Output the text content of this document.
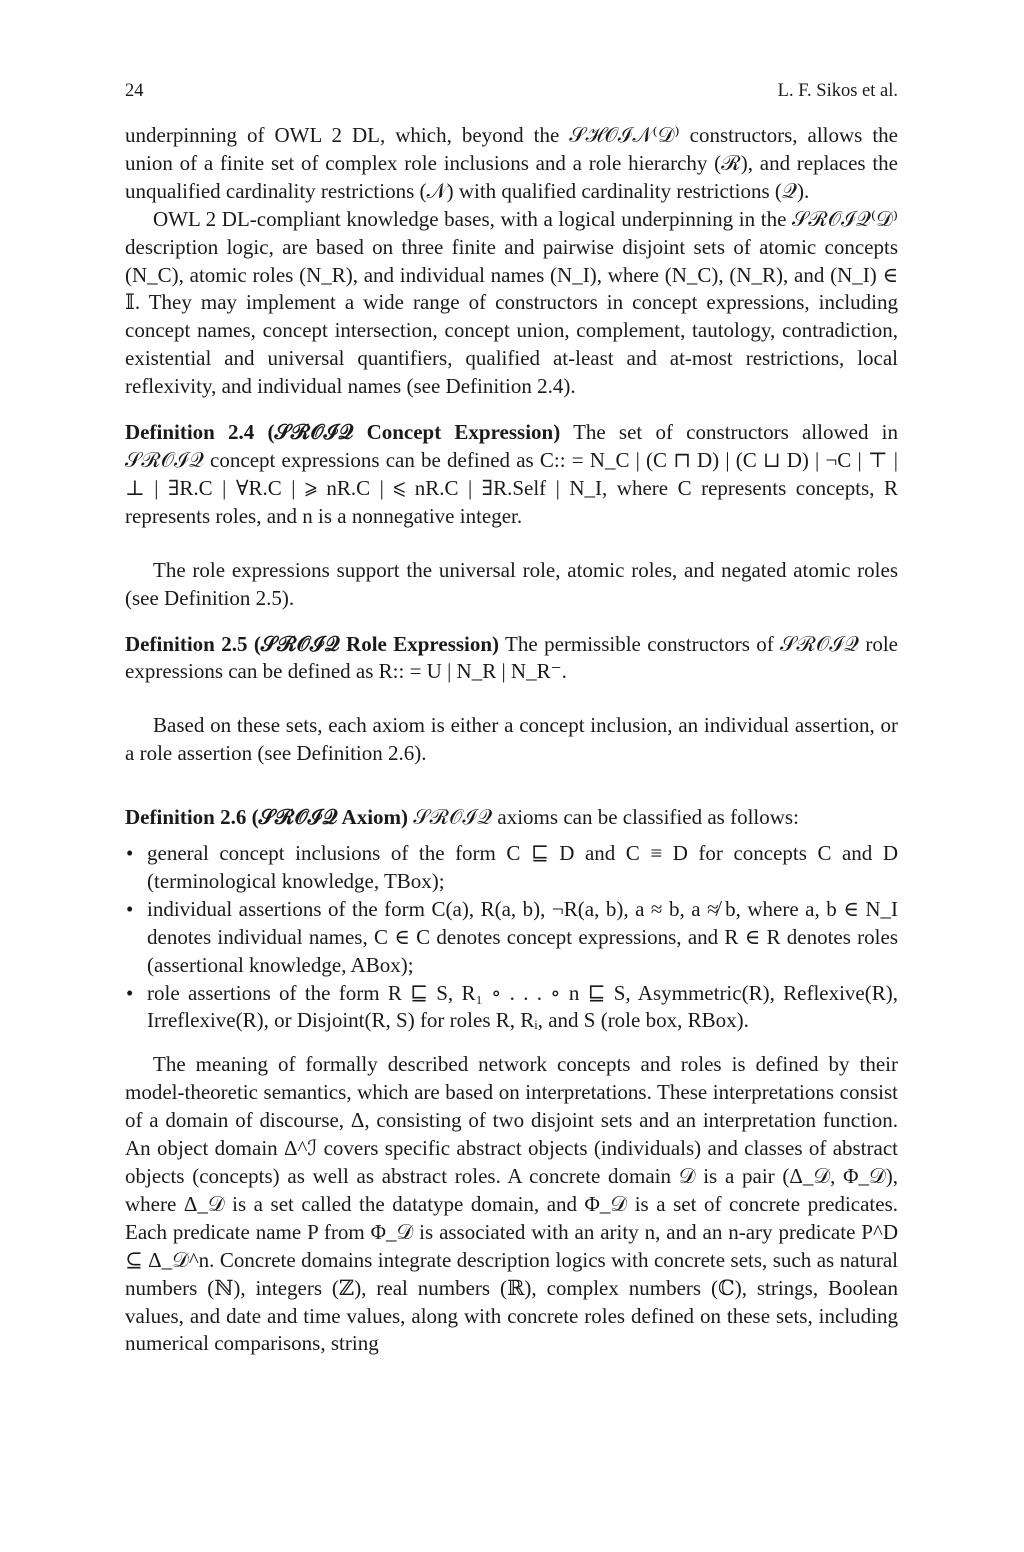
24	L. F. Sikos et al.

underpinning of OWL 2 DL, which, beyond the 𝒮ℋ𝒪ℐ𝒩⁽𝒟⁾ constructors, allows the union of a finite set of complex role inclusions and a role hierarchy (ℛ), and replaces the unqualified cardinality restrictions (𝒩) with qualified cardinality restrictions (𝒬).

OWL 2 DL-compliant knowledge bases, with a logical underpinning in the 𝒮ℛ𝒪ℐ𝒬⁽𝒟⁾ description logic, are based on three finite and pairwise disjoint sets of atomic concepts (N_C), atomic roles (N_R), and individual names (N_I), where (N_C), (N_R), and (N_I) ∈ 𝕀. They may implement a wide range of constructors in concept expressions, including concept names, concept intersection, concept union, complement, tautology, contradiction, existential and universal quantifiers, qualified at-least and at-most restrictions, local reflexivity, and individual names (see Definition 2.4).

Definition 2.4 (𝒮ℛ𝒪ℐ𝒬 Concept Expression) The set of constructors allowed in 𝒮ℛ𝒪ℐ𝒬 concept expressions can be defined as C:: = N_C | (C ⊓ D) | (C ⊔ D) | ¬C | ⊤ | ⊥ | ∃R.C | ∀R.C | ⩾ nR.C | ⩽ nR.C | ∃R.Self | N_I, where C represents concepts, R represents roles, and n is a nonnegative integer.

The role expressions support the universal role, atomic roles, and negated atomic roles (see Definition 2.5).

Definition 2.5 (𝒮ℛ𝒪ℐ𝒬 Role Expression) The permissible constructors of 𝒮ℛ𝒪ℐ𝒬 role expressions can be defined as R:: = U | N_R | N_R⁻.

Based on these sets, each axiom is either a concept inclusion, an individual assertion, or a role assertion (see Definition 2.6).

Definition 2.6 (𝒮ℛ𝒪ℐ𝒬 Axiom) 𝒮ℛ𝒪ℐ𝒬 axioms can be classified as follows:

• general concept inclusions of the form C ⊑ D and C ≡ D for concepts C and D (terminological knowledge, TBox);
• individual assertions of the form C(a), R(a, b), ¬R(a, b), a ≈ b, a ≉ b, where a, b ∈ N_I denotes individual names, C ∈ C denotes concept expressions, and R ∈ R denotes roles (assertional knowledge, ABox);
• role assertions of the form R ⊑ S, R₁ ∘ . . . ∘ n ⊑ S, Asymmetric(R), Reflexive(R), Irreflexive(R), or Disjoint(R, S) for roles R, Rᵢ, and S (role box, RBox).

The meaning of formally described network concepts and roles is defined by their model-theoretic semantics, which are based on interpretations. These interpretations consist of a domain of discourse, Δ, consisting of two disjoint sets and an interpretation function. An object domain Δ^ℐ covers specific abstract objects (individuals) and classes of abstract objects (concepts) as well as abstract roles. A concrete domain 𝒟 is a pair (Δ_𝒟, Φ_𝒟), where Δ_𝒟 is a set called the datatype domain, and Φ_𝒟 is a set of concrete predicates. Each predicate name P from Φ_𝒟 is associated with an arity n, and an n-ary predicate P^D ⊆ Δ_𝒟^n. Concrete domains integrate description logics with concrete sets, such as natural numbers (ℕ), integers (ℤ), real numbers (ℝ), complex numbers (ℂ), strings, Boolean values, and date and time values, along with concrete roles defined on these sets, including numerical comparisons, string
